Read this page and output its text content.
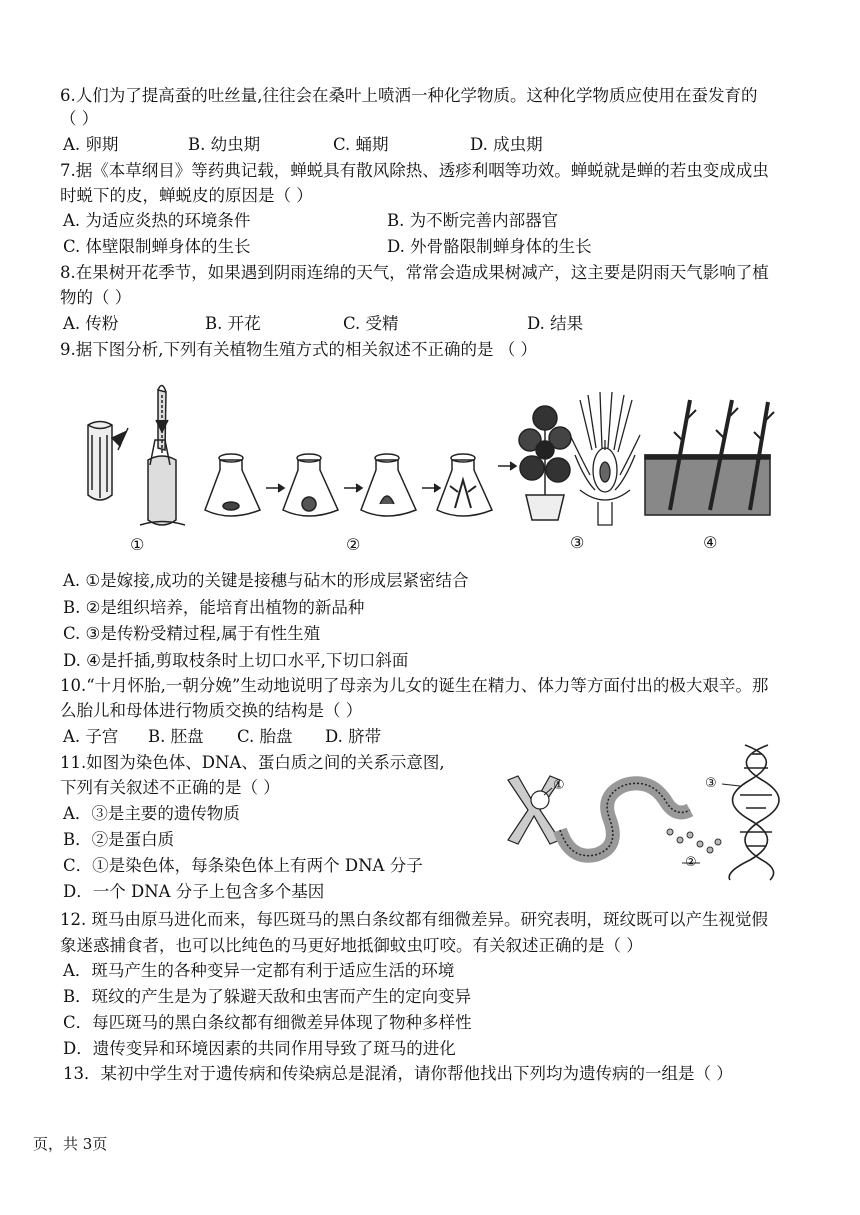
6.人们为了提高蚕的吐丝量,往往会在桑叶上喷洒一种化学物质。这种化学物质应使用在蚕发育的
（ ）
A. 卵期	B. 幼虫期	C. 蛹期	D. 成虫期
7.据《本草纲目》等药典记载，蝉蜕具有散风除热、透疹利咽等功效。蝉蜕就是蝉的若虫变成成虫
时蜕下的皮，蝉蜕皮的原因是（ ）
A. 为适应炎热的环境条件	B. 为不断完善内部器官
C. 体壁限制蝉身体的生长	D. 外骨骼限制蝉身体的生长
8.在果树开花季节，如果遇到阴雨连绵的天气，常常会造成果树减产，这主要是阴雨天气影响了植
物的（ ）
A. 传粉	B. 开花	C. 受精	D. 结果
9.据下图分析,下列有关植物生殖方式的相关叙述不正确的是 （ ）
①	②	③	④
A. ①是嫁接,成功的关键是接穗与砧木的形成层紧密结合
B. ②是组织培养，能培育出植物的新品种
C. ③是传粉受精过程,属于有性生殖
D. ④是扦插,剪取枝条时上切口水平,下切口斜面
10.“十月怀胎,一朝分娩”生动地说明了母亲为儿女的诞生在精力、体力等方面付出的极大艰辛。那
么胎儿和母体进行物质交换的结构是（ ）
A. 子宫 B. 胚盘 C. 胎盘 D. 脐带
11.如图为染色体、DNA、蛋白质之间的关系示意图,
下列有关叙述不正确的是（ ）
A．③是主要的遗传物质
B．②是蛋白质
C．①是染色体，每条染色体上有两个 DNA 分子
D．一个 DNA 分子上包含多个基因
①
②
③
12. 斑马由原马进化而来，每匹斑马的黑白条纹都有细微差异。研究表明，斑纹既可以产生视觉假
象迷惑捕食者，也可以比纯色的马更好地抵御蚊虫叮咬。有关叙述正确的是（ ）
A．斑马产生的各种变异一定都有利于适应生活的环境
B．斑纹的产生是为了躲避天敌和虫害而产生的定向变异
C．每匹斑马的黑白条纹都有细微差异体现了物种多样性
D．遗传变异和环境因素的共同作用导致了斑马的进化
13．某初中学生对于遗传病和传染病总是混淆，请你帮他找出下列均为遗传病的一组是（ ）
页，共 3页
